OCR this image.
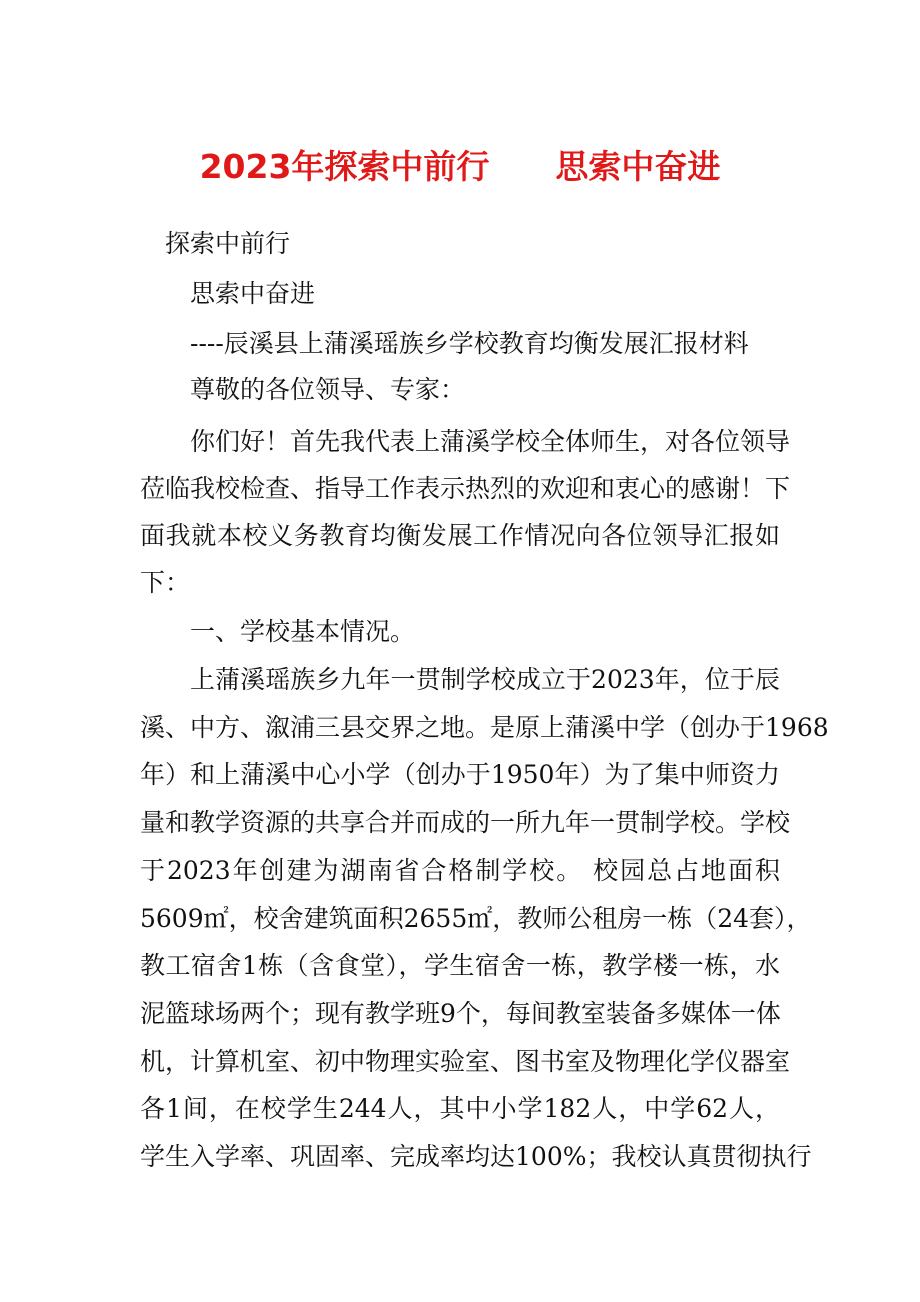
2023年探索中前行　　思索中奋进
探索中前行
思索中奋进
----辰溪县上蒲溪瑶族乡学校教育均衡发展汇报材料
尊敬的各位领导、专家：
你们好！首先我代表上蒲溪学校全体师生，对各位领导
莅临我校检查、指导工作表示热烈的欢迎和衷心的感谢！下
面我就本校义务教育均衡发展工作情况向各位领导汇报如
下：
一、学校基本情况。
上蒲溪瑶族乡九年一贯制学校成立于2023年，位于辰
溪、中方、溆浦三县交界之地。是原上蒲溪中学（创办于1968
年）和上蒲溪中心小学（创办于1950年）为了集中师资力
量和教学资源的共享合并而成的一所九年一贯制学校。学校
于2023年创建为湖南省合格制学校。 校园总占地面积
5609㎡，校舍建筑面积2655㎡，教师公租房一栋（24套），
教工宿舍1栋（含食堂），学生宿舍一栋，教学楼一栋，水
泥篮球场两个；现有教学班9个，每间教室装备多媒体一体
机，计算机室、初中物理实验室、图书室及物理化学仪器室
各1间，在校学生244人，其中小学182人，中学62人，
学生入学率、巩固率、完成率均达100%；我校认真贯彻执行
